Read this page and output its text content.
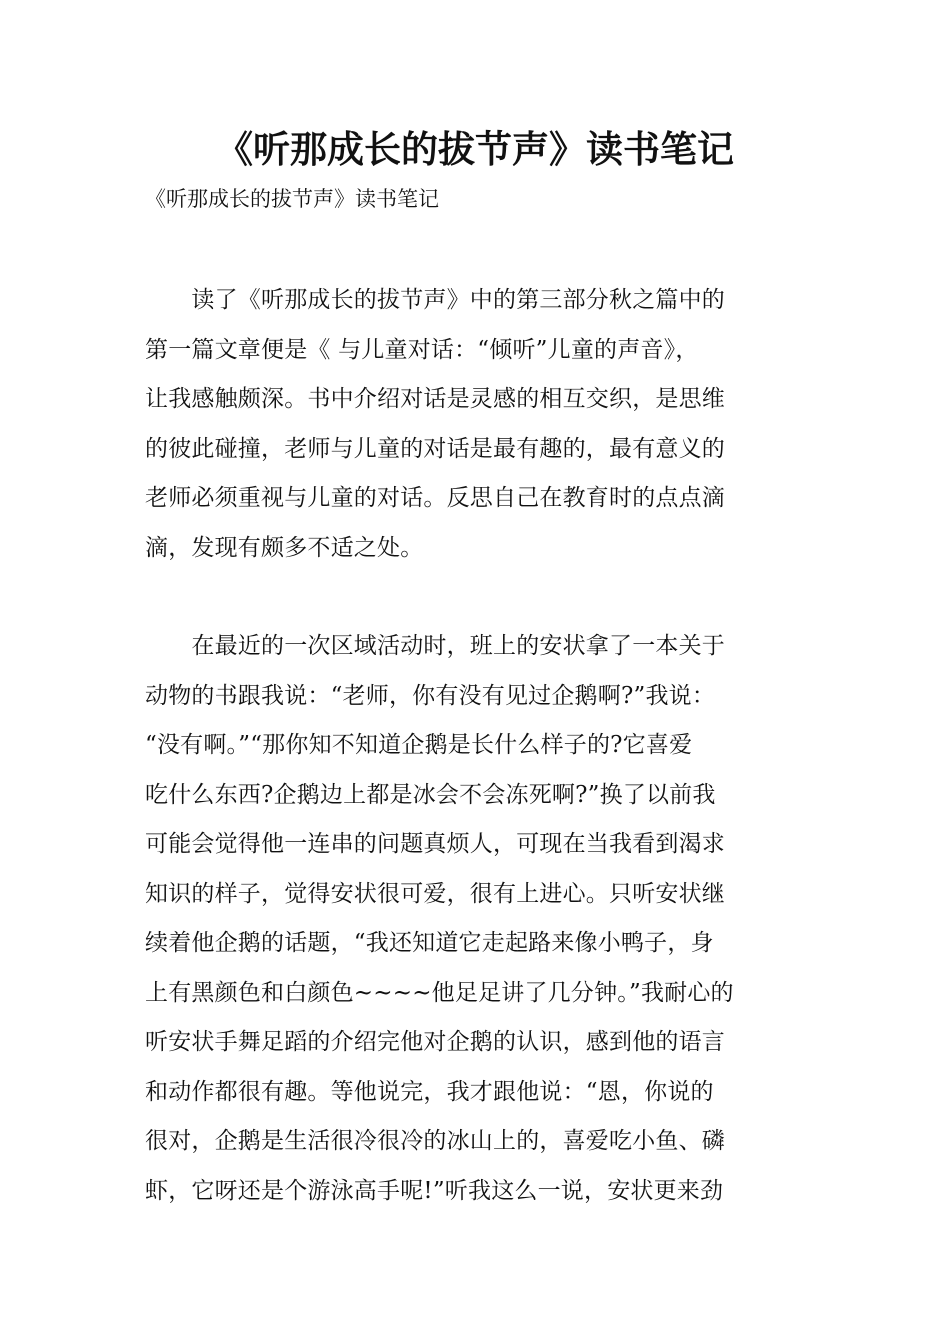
《听那成长的拔节声》读书笔记

《听那成长的拔节声》读书笔记

　　读了《听那成长的拔节声》中的第三部分秋之篇中的
第一篇文章便是《 与儿童对话：“倾听”儿童的声音》，
让我感触颇深。书中介绍对话是灵感的相互交织，是思维
的彼此碰撞，老师与儿童的对话是最有趣的，最有意义的
老师必须重视与儿童的对话。反思自己在教育时的点点滴
滴，发现有颇多不适之处。
　　在最近的一次区域活动时，班上的安状拿了一本关于
动物的书跟我说：“老师，你有没有见过企鹅啊?”我说：
“没有啊。”“那你知不知道企鹅是长什么样子的?它喜爱
吃什么东西?企鹅边上都是冰会不会冻死啊?”换了以前我
可能会觉得他一连串的问题真烦人，可现在当我看到渴求
知识的样子，觉得安状很可爱，很有上进心。只听安状继
续着他企鹅的话题，“我还知道它走起路来像小鸭子，身
上有黑颜色和白颜色~~~~他足足讲了几分钟。”我耐心的
听安状手舞足蹈的介绍完他对企鹅的认识，感到他的语言
和动作都很有趣。等他说完，我才跟他说：“恩，你说的
很对，企鹅是生活很冷很冷的冰山上的，喜爱吃小鱼、磷
虾，它呀还是个游泳高手呢!”听我这么一说，安状更来劲
